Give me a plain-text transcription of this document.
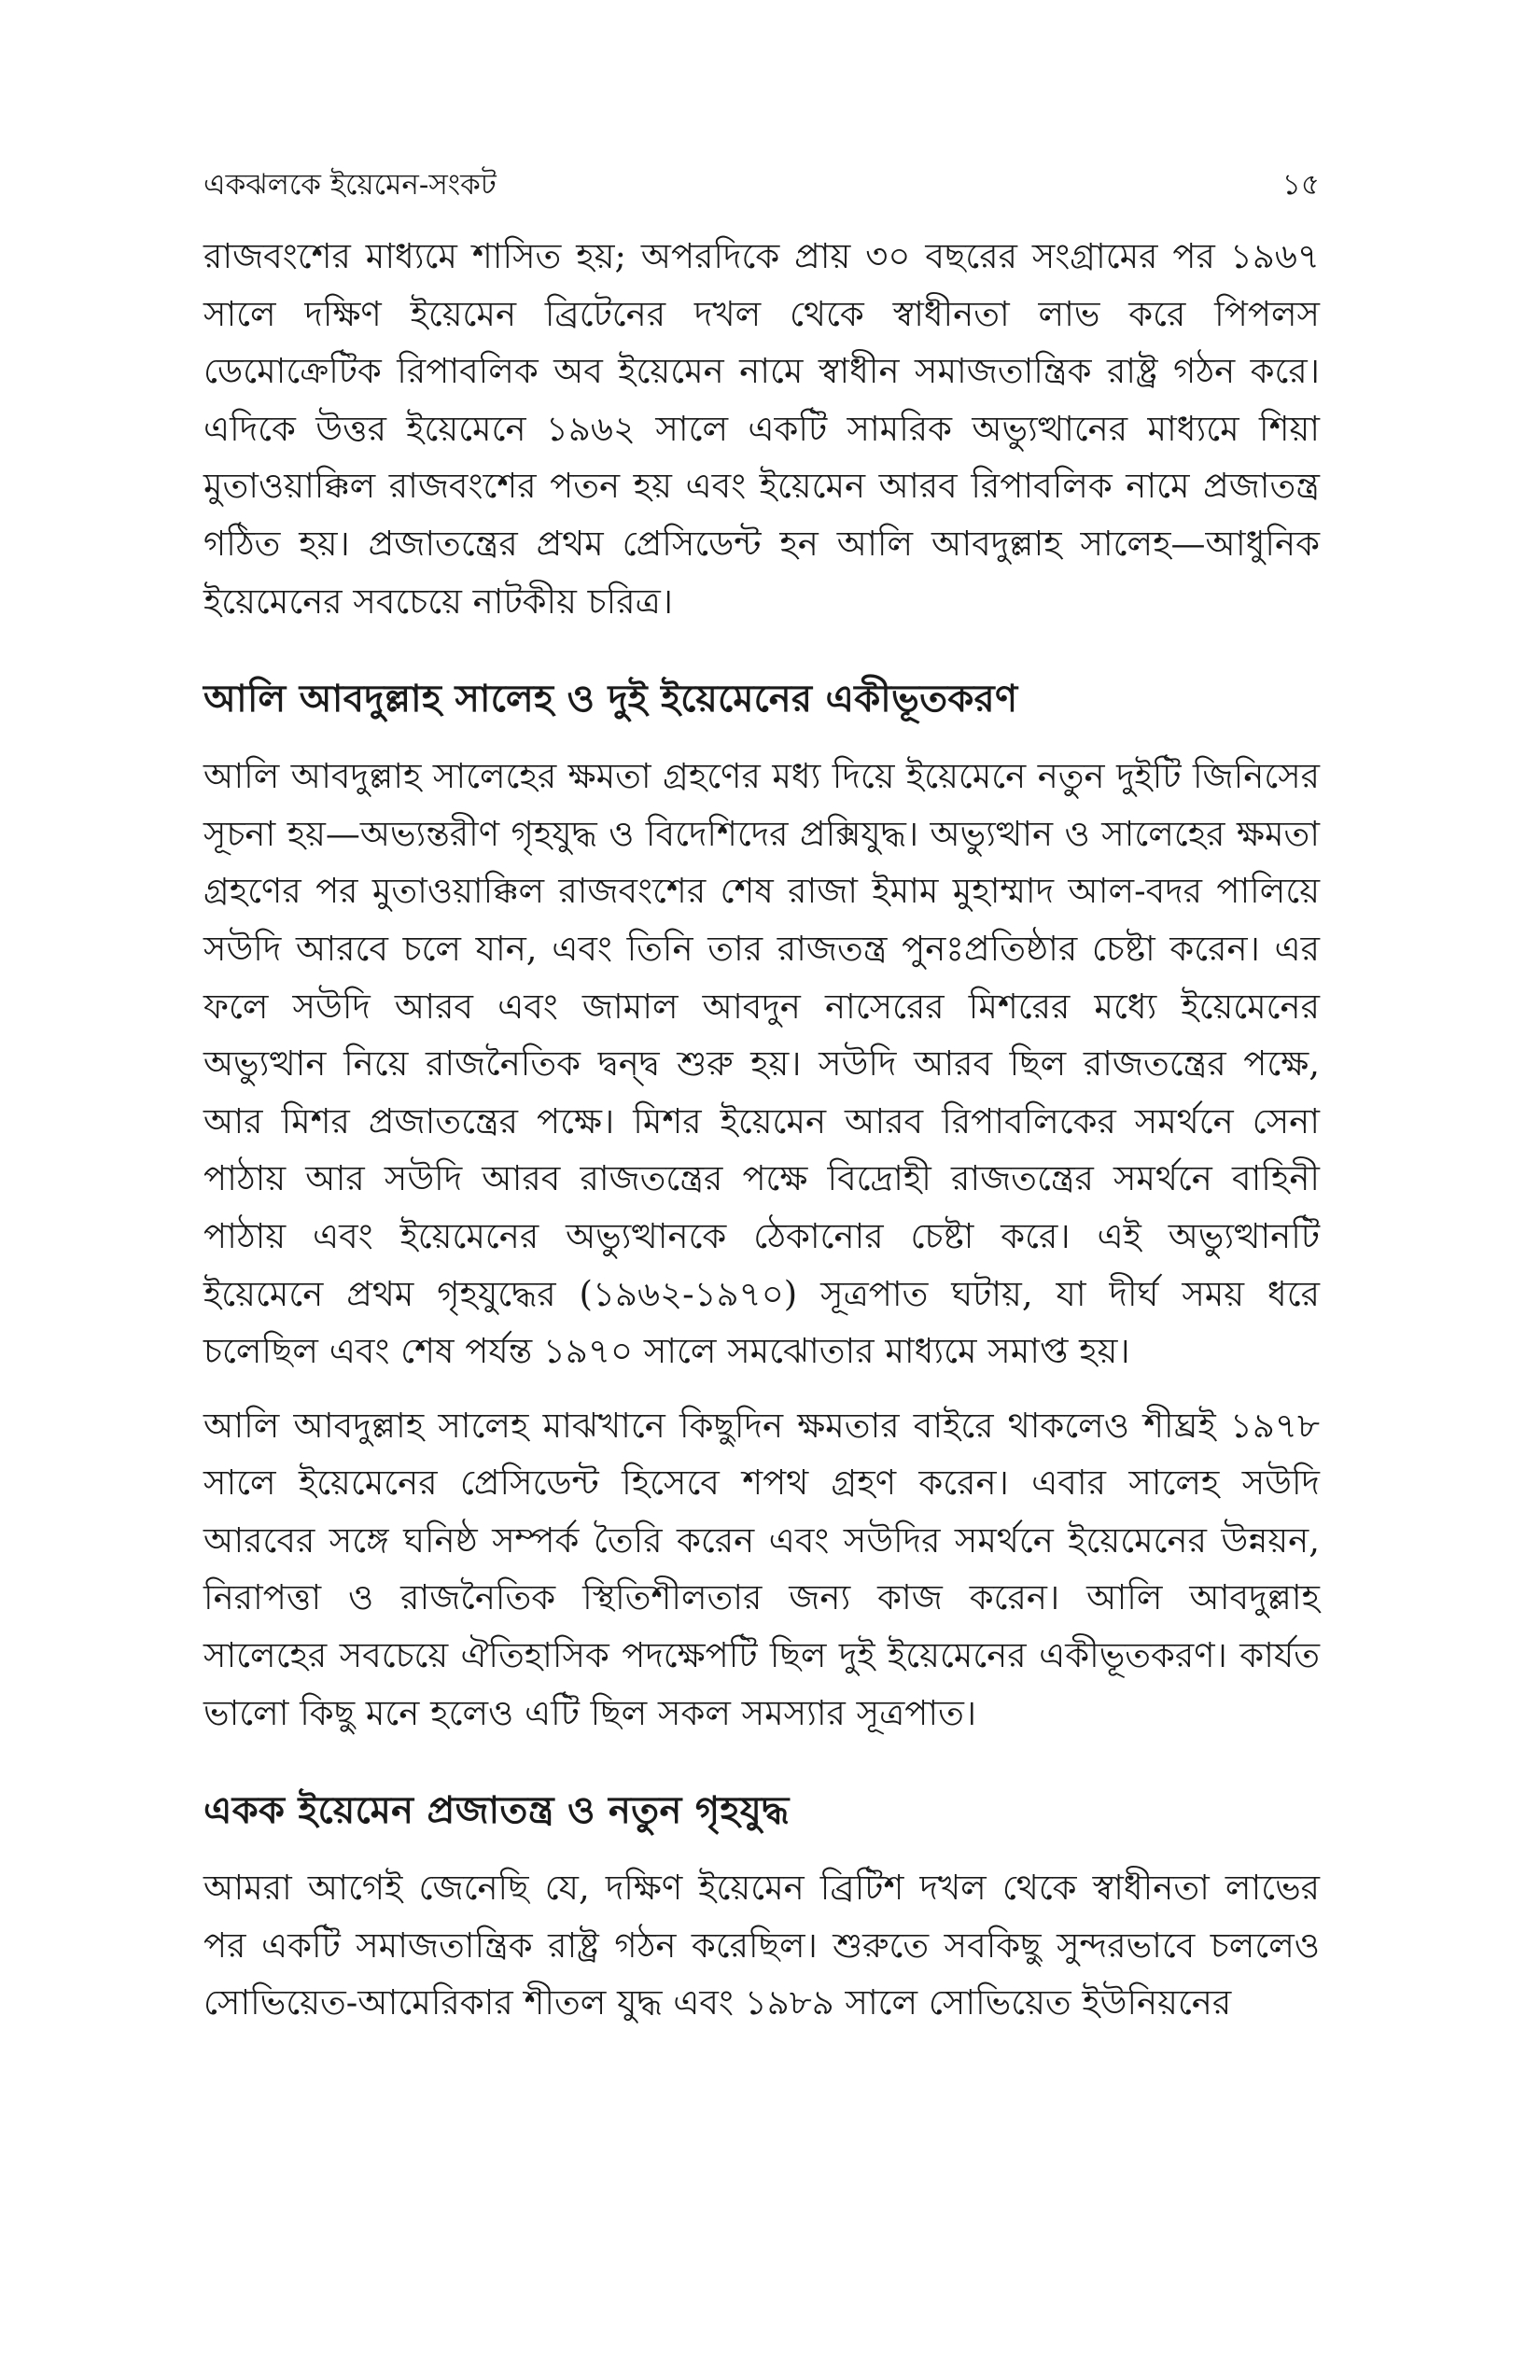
একঝলকে ইয়েমেন-সংকট	১৫

রাজবংশের মাধ্যমে শাসিত হয়; অপরদিকে প্রায় ৩০ বছরের সংগ্রামের পর ১৯৬৭ সালে দক্ষিণ ইয়েমেন ব্রিটেনের দখল থেকে স্বাধীনতা লাভ করে পিপলস ডেমোক্রেটিক রিপাবলিক অব ইয়েমেন নামে স্বাধীন সমাজতান্ত্রিক রাষ্ট্র গঠন করে। এদিকে উত্তর ইয়েমেনে ১৯৬২ সালে একটি সামরিক অভ্যুত্থানের মাধ্যমে শিয়া মুতাওয়াক্কিল রাজবংশের পতন হয় এবং ইয়েমেন আরব রিপাবলিক নামে প্রজাতন্ত্র গঠিত হয়। প্রজাতন্ত্রের প্রথম প্রেসিডেন্ট হন আলি আবদুল্লাহ সালেহ—আধুনিক ইয়েমেনের সবচেয়ে নাটকীয় চরিত্র।

আলি আবদুল্লাহ সালেহ ও দুই ইয়েমেনের একীভূতকরণ

আলি আবদুল্লাহ সালেহের ক্ষমতা গ্রহণের মধ্য দিয়ে ইয়েমেনে নতুন দুইটি জিনিসের সূচনা হয়—অভ্যন্তরীণ গৃহযুদ্ধ ও বিদেশিদের প্রক্সিযুদ্ধ। অভ্যুত্থান ও সালেহের ক্ষমতা গ্রহণের পর মুতাওয়াক্কিল রাজবংশের শেষ রাজা ইমাম মুহাম্মাদ আল-বদর পালিয়ে সউদি আরবে চলে যান, এবং তিনি তার রাজতন্ত্র পুনঃপ্রতিষ্ঠার চেষ্টা করেন। এর ফলে সউদি আরব এবং জামাল আবদুন নাসেরের মিশরের মধ্যে ইয়েমেনের অভ্যুত্থান নিয়ে রাজনৈতিক দ্বন্দ্ব শুরু হয়। সউদি আরব ছিল রাজতন্ত্রের পক্ষে, আর মিশর প্রজাতন্ত্রের পক্ষে। মিশর ইয়েমেন আরব রিপাবলিকের সমর্থনে সেনা পাঠায় আর সউদি আরব রাজতন্ত্রের পক্ষে বিদ্রোহী রাজতন্ত্রের সমর্থনে বাহিনী পাঠায় এবং ইয়েমেনের অভ্যুত্থানকে ঠেকানোর চেষ্টা করে। এই অভ্যুত্থানটি ইয়েমেনে প্রথম গৃহযুদ্ধের (১৯৬২-১৯৭০) সূত্রপাত ঘটায়, যা দীর্ঘ সময় ধরে চলেছিল এবং শেষ পর্যন্ত ১৯৭০ সালে সমঝোতার মাধ্যমে সমাপ্ত হয়।

আলি আবদুল্লাহ সালেহ মাঝখানে কিছুদিন ক্ষমতার বাইরে থাকলেও শীঘ্রই ১৯৭৮ সালে ইয়েমেনের প্রেসিডেন্ট হিসেবে শপথ গ্রহণ করেন। এবার সালেহ সউদি আরবের সঙ্গে ঘনিষ্ঠ সম্পর্ক তৈরি করেন এবং সউদির সমর্থনে ইয়েমেনের উন্নয়ন, নিরাপত্তা ও রাজনৈতিক স্থিতিশীলতার জন্য কাজ করেন। আলি আবদুল্লাহ সালেহের সবচেয়ে ঐতিহাসিক পদক্ষেপটি ছিল দুই ইয়েমেনের একীভূতকরণ। কার্যত ভালো কিছু মনে হলেও এটি ছিল সকল সমস্যার সূত্রপাত।

একক ইয়েমেন প্রজাতন্ত্র ও নতুন গৃহযুদ্ধ

আমরা আগেই জেনেছি যে, দক্ষিণ ইয়েমেন ব্রিটিশ দখল থেকে স্বাধীনতা লাভের পর একটি সমাজতান্ত্রিক রাষ্ট্র গঠন করেছিল। শুরুতে সবকিছু সুন্দরভাবে চললেও সোভিয়েত-আমেরিকার শীতল যুদ্ধ এবং ১৯৮৯ সালে সোভিয়েত ইউনিয়নের
